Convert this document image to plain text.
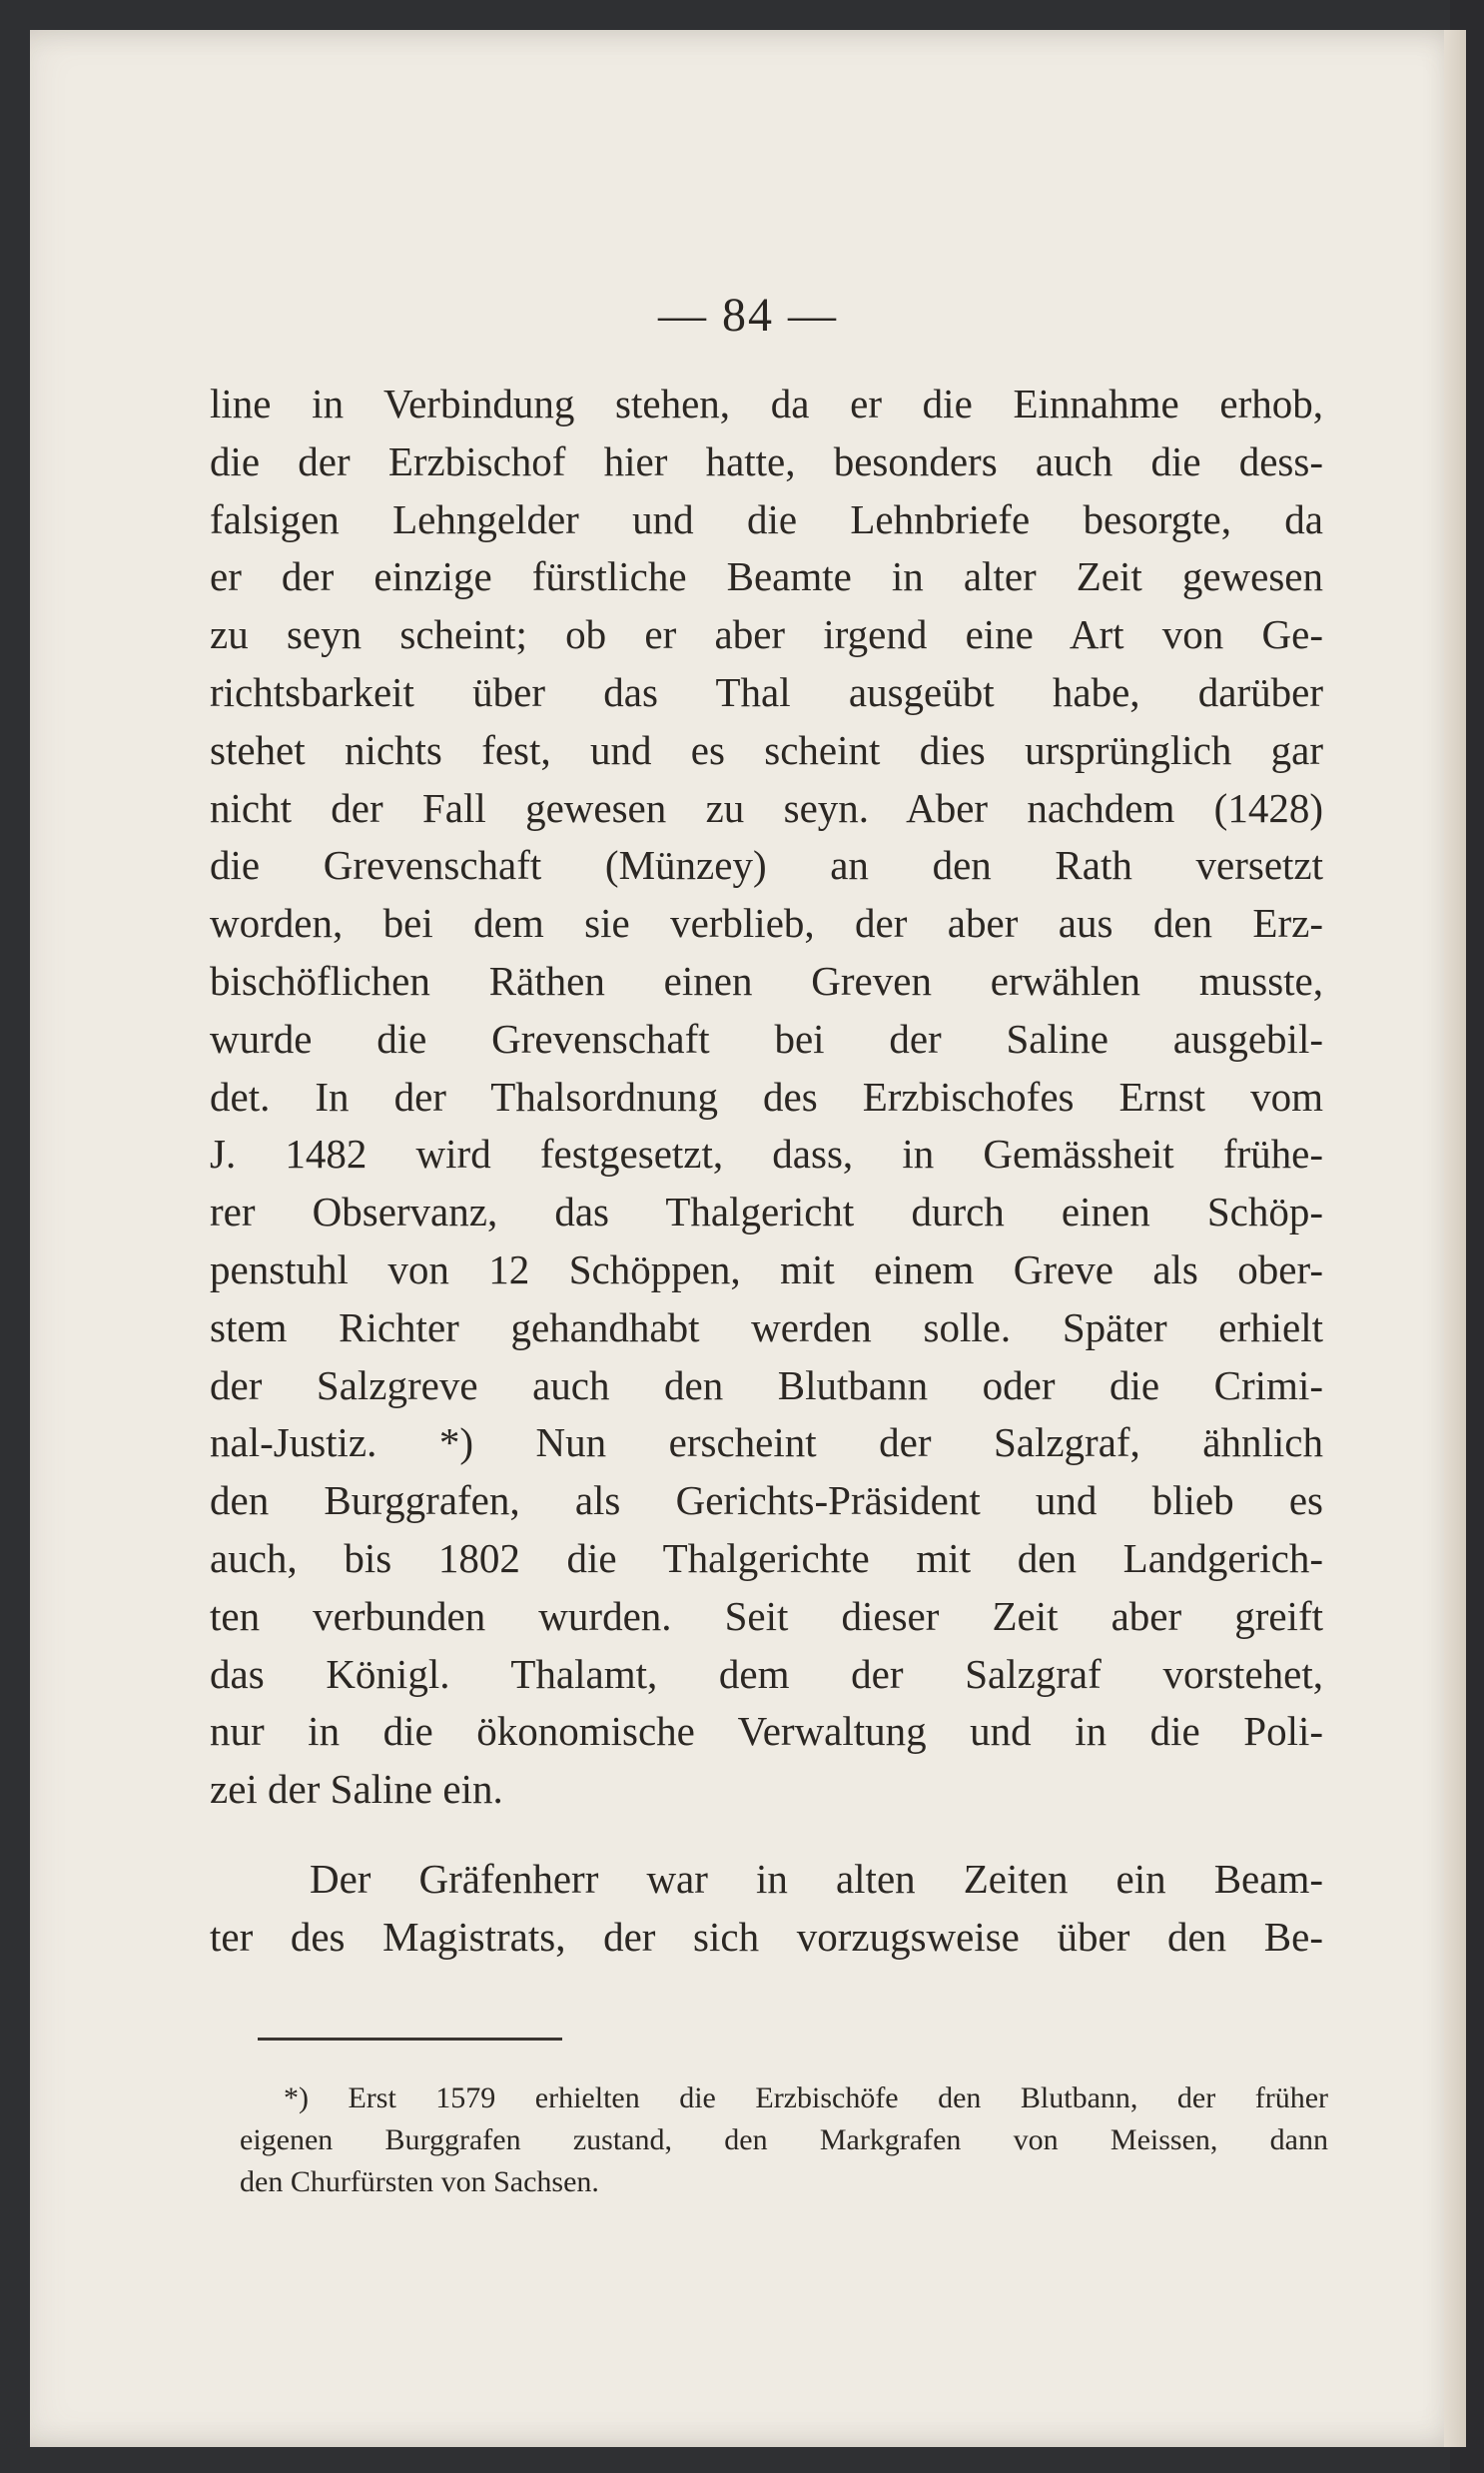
— 84 —
line in Verbindung stehen, da er die Einnahme erhob,
die der Erzbischof hier hatte, besonders auch die dess-
falsigen Lehngelder und die Lehnbriefe besorgte, da
er der einzige fürstliche Beamte in alter Zeit gewesen
zu seyn scheint; ob er aber irgend eine Art von Ge-
richtsbarkeit über das Thal ausgeübt habe, darüber
stehet nichts fest, und es scheint dies ursprünglich gar
nicht der Fall gewesen zu seyn. Aber nachdem (1428)
die Grevenschaft (Münzey) an den Rath versetzt
worden, bei dem sie verblieb, der aber aus den Erz-
bischöflichen Räthen einen Greven erwählen musste,
wurde die Grevenschaft bei der Saline ausgebil-
det. In der Thalsordnung des Erzbischofes Ernst vom
J. 1482 wird festgesetzt, dass, in Gemässheit frühe-
rer Observanz, das Thalgericht durch einen Schöp-
penstuhl von 12 Schöppen, mit einem Greve als ober-
stem Richter gehandhabt werden solle. Später erhielt
der Salzgreve auch den Blutbann oder die Crimi-
nal-Justiz. *) Nun erscheint der Salzgraf, ähnlich
den Burggrafen, als Gerichts-Präsident und blieb es
auch, bis 1802 die Thalgerichte mit den Landgerich-
ten verbunden wurden. Seit dieser Zeit aber greift
das Königl. Thalamt, dem der Salzgraf vorstehet,
nur in die ökonomische Verwaltung und in die Poli-
zei der Saline ein.
Der Gräfenherr war in alten Zeiten ein Beam-
ter des Magistrats, der sich vorzugsweise über den Be-
*) Erst 1579 erhielten die Erzbischöfe den Blutbann, der früher
eigenen Burggrafen zustand, den Markgrafen von Meissen, dann
den Churfürsten von Sachsen.
